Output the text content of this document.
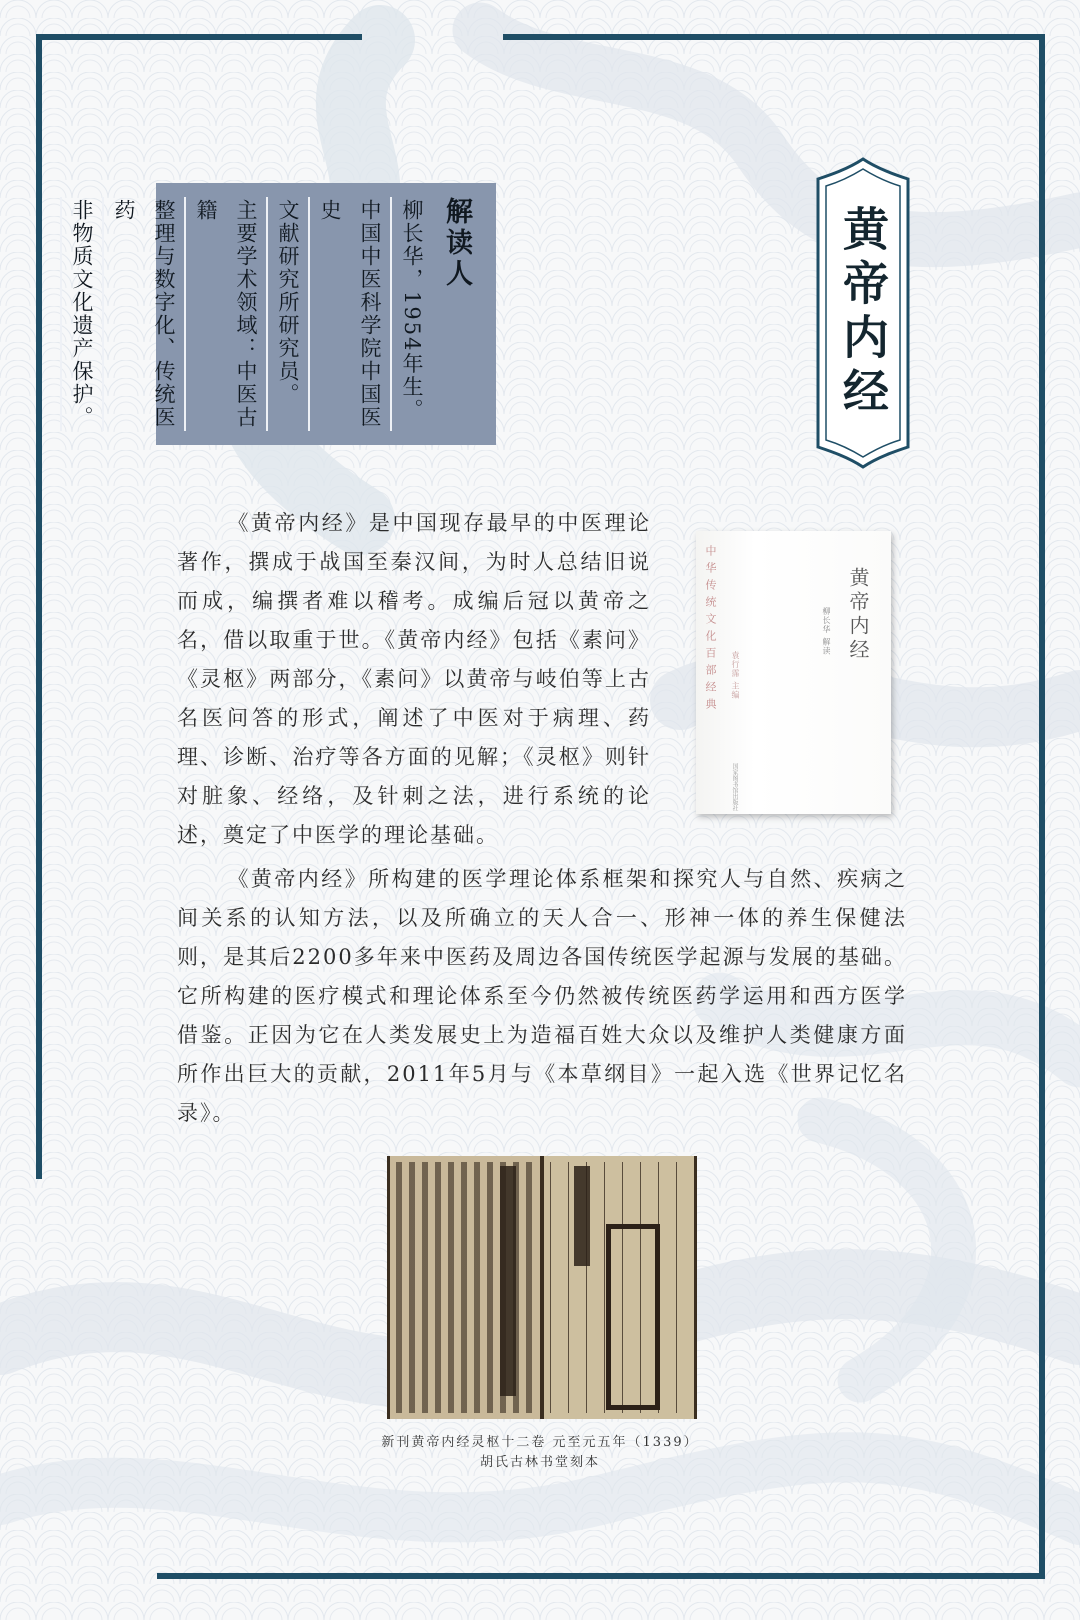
黄帝内经
解读人
柳长华，1954年生。
中国中医科学院中国医史
文献研究所研究员。
主要学术领域：中医古籍
整理与数字化、传统医药
非物质文化遗产保护。

《黄帝内经》是中国现存最早的中医理论著作，撰成于战国至秦汉间，为时人总结旧说而成，编撰者难以稽考。成编后冠以黄帝之名，借以取重于世。《黄帝内经》包括《素问》《灵枢》两部分，《素问》以黄帝与岐伯等上古名医问答的形式，阐述了中医对于病理、药理、诊断、治疗等各方面的见解；《灵枢》则针对脏象、经络，及针刺之法，进行系统的论述，奠定了中医学的理论基础。

中华传统文化百部经典 袁行霈 主编
黄帝内经
柳长华 解读
国家图书馆出版社

《黄帝内经》所构建的医学理论体系框架和探究人与自然、疾病之间关系的认知方法，以及所确立的天人合一、形神一体的养生保健法则，是其后2200多年来中医药及周边各国传统医学起源与发展的基础。它所构建的医疗模式和理论体系至今仍然被传统医药学运用和西方医学借鉴。正因为它在人类发展史上为造福百姓大众以及维护人类健康方面所作出巨大的贡献，2011年5月与《本草纲目》一起入选《世界记忆名录》。

新刊黄帝内经灵枢十二卷 元至元五年（1339）
胡氏古林书堂刻本
